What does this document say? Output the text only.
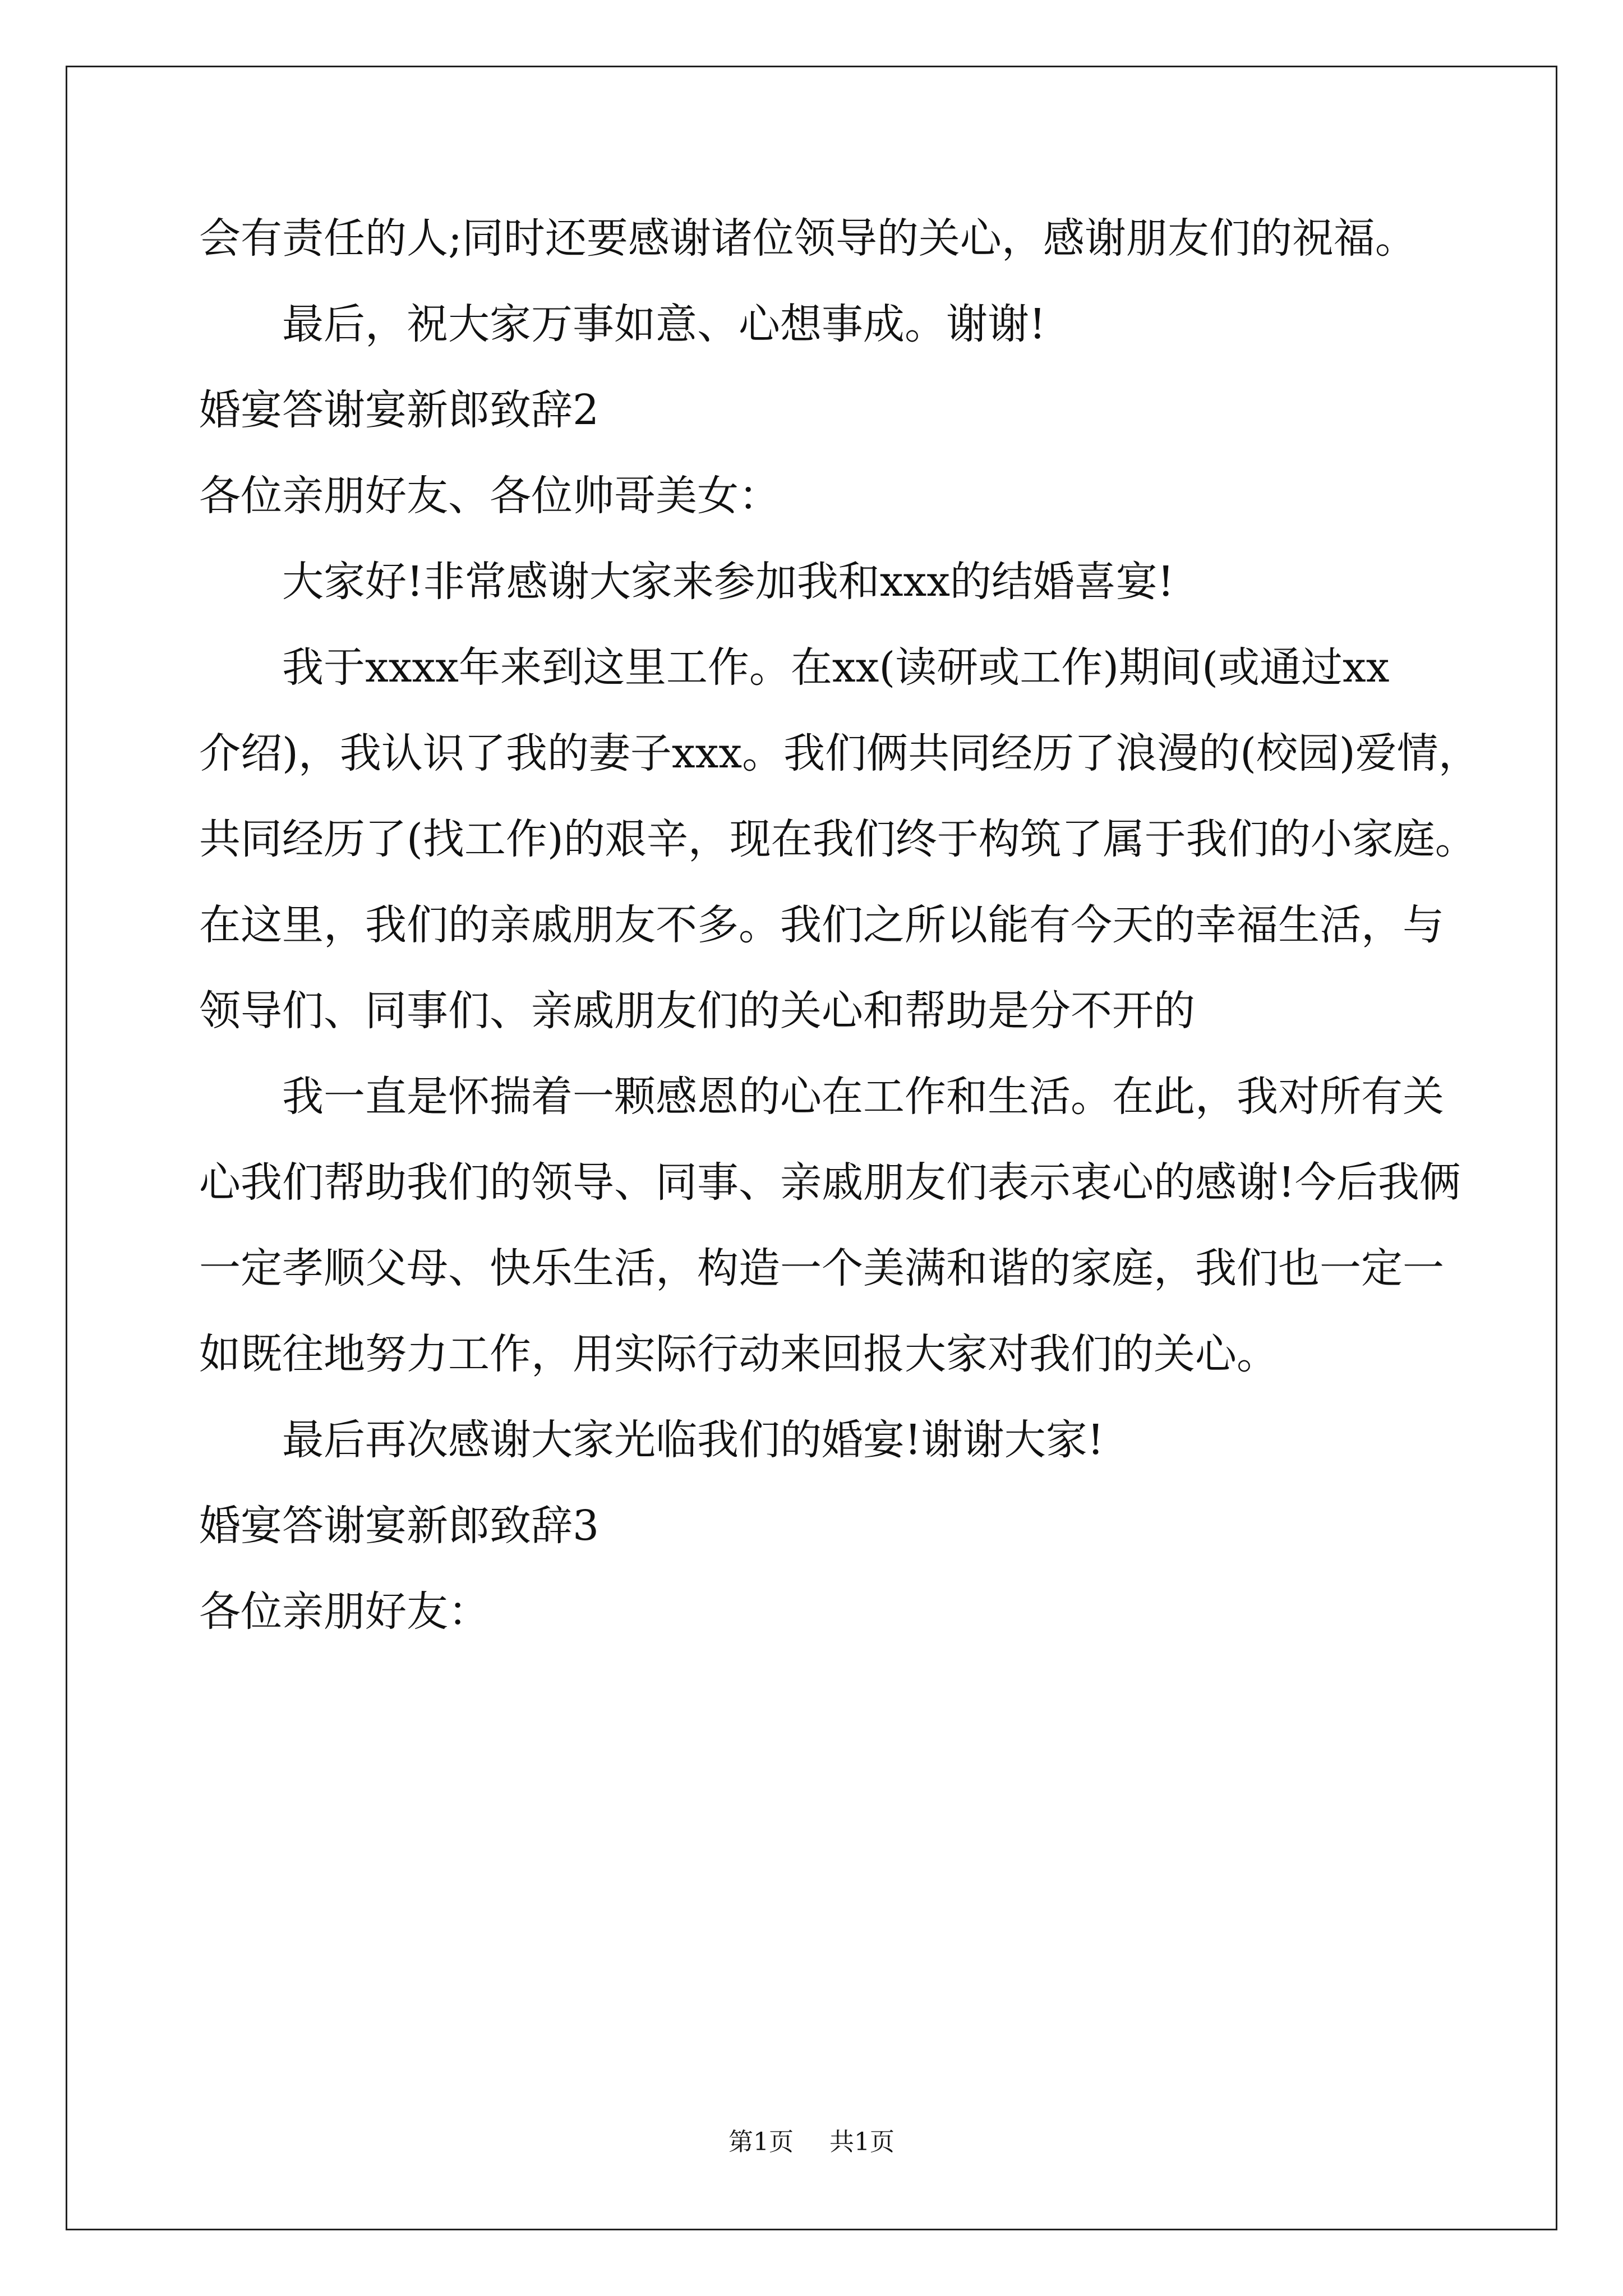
会有责任的人;同时还要感谢诸位领导的关心，感谢朋友们的祝福。
最后，祝大家万事如意、心想事成。谢谢!
婚宴答谢宴新郎致辞2
各位亲朋好友、各位帅哥美女：
大家好!非常感谢大家来参加我和xxx的结婚喜宴!
我于xxxx年来到这里工作。在xx(读研或工作)期间(或通过xx
介绍)，我认识了我的妻子xxx。我们俩共同经历了浪漫的(校园)爱情，
共同经历了(找工作)的艰辛，现在我们终于构筑了属于我们的小家庭。
在这里，我们的亲戚朋友不多。我们之所以能有今天的幸福生活，与
领导们、同事们、亲戚朋友们的关心和帮助是分不开的
我一直是怀揣着一颗感恩的心在工作和生活。在此，我对所有关
心我们帮助我们的领导、同事、亲戚朋友们表示衷心的感谢!今后我俩
一定孝顺父母、快乐生活，构造一个美满和谐的家庭，我们也一定一
如既往地努力工作，用实际行动来回报大家对我们的关心。
最后再次感谢大家光临我们的婚宴!谢谢大家!
婚宴答谢宴新郎致辞3
各位亲朋好友：
第1页 共1页
